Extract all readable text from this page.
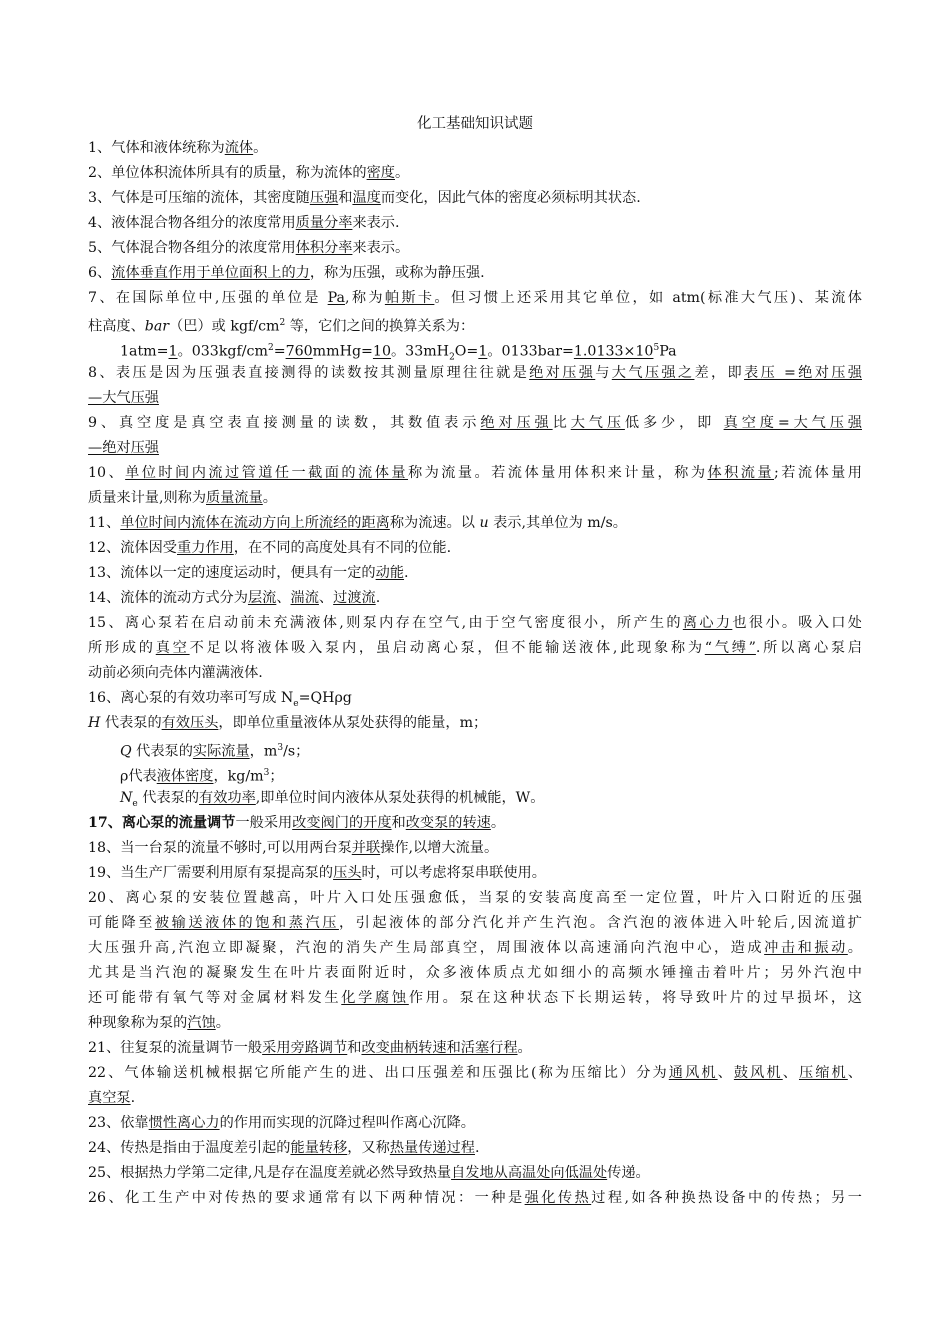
化工基础知识试题
1、气体和液体统称为流体。
2、单位体积流体所具有的质量，称为流体的密度。
3、气体是可压缩的流体，其密度随压强和温度而变化，因此气体的密度必须标明其状态.
4、液体混合物各组分的浓度常用质量分率来表示.
5、气体混合物各组分的浓度常用体积分率来表示。
6、流体垂直作用于单位面积上的力，称为压强，或称为静压强.
7、在国际单位中,压强的单位是 Pa,称为帕斯卡。但习惯上还采用其它单位，如 atm(标准大气压)、某流体
柱高度、bar（巴）或 kgf/$cm^2$ 等，它们之间的换算关系为：
1atm=1。$033kgf/cm^2=760mmHg=10$。$33mH_2O=1$。$0133bar=1.0133\times 10^5Pa$
8、表压是因为压强表直接测得的读数按其测量原理往往就是绝对压强与大气压强之差，即表压 =绝对压强
—大气压强
9、真空度是真空表直接测量的读数，其数值表示绝对压强比大气压低多少，即 真空度=大气压强
—绝对压强
10、单位时间内流过管道任一截面的流体量称为流量。若流体量用体积来计量，称为体积流量;若流体量用
质量来计量,则称为质量流量。
11、单位时间内流体在流动方向上所流经的距离称为流速。以 u 表示,其单位为 m/s。
12、流体因受重力作用，在不同的高度处具有不同的位能.
13、流体以一定的速度运动时，便具有一定的动能.
14、流体的流动方式分为层流、湍流、过渡流.
15、离心泵若在启动前未充满液体,则泵内存在空气,由于空气密度很小，所产生的离心力也很小。吸入口处
所形成的真空不足以将液体吸入泵内，虽启动离心泵，但不能输送液体,此现象称为“气缚”.所以离心泵启
动前必须向壳体内灌满液体.
16、离心泵的有效功率可写成 $N_e=QH\rho g$
H 代表泵的有效压头，即单位重量液体从泵处获得的能量，m；
Q 代表泵的实际流量，$m^3/s$；
ρ代表液体密度，$kg/m^3$；
$N_e$ 代表泵的有效功率,即单位时间内液体从泵处获得的机械能，W。
17、离心泵的流量调节一般采用改变阀门的开度和改变泵的转速。
18、当一台泵的流量不够时,可以用两台泵并联操作,以增大流量。
19、当生产厂需要利用原有泵提高泵的压头时，可以考虑将泵串联使用。
20、离心泵的安装位置越高，叶片入口处压强愈低，当泵的安装高度高至一定位置，叶片入口附近的压强
可能降至被输送液体的饱和蒸汽压，引起液体的部分汽化并产生汽泡。含汽泡的液体进入叶轮后,因流道扩
大压强升高,汽泡立即凝聚，汽泡的消失产生局部真空，周围液体以高速涌向汽泡中心，造成冲击和振动。
尤其是当汽泡的凝聚发生在叶片表面附近时，众多液体质点尤如细小的高频水锤撞击着叶片；另外汽泡中
还可能带有氧气等对金属材料发生化学腐蚀作用。泵在这种状态下长期运转，将导致叶片的过早损坏，这
种现象称为泵的汽蚀。
21、往复泵的流量调节一般采用旁路调节和改变曲柄转速和活塞行程。
22、气体输送机械根据它所能产生的进、出口压强差和压强比(称为压缩比）分为通风机、鼓风机、压缩机、
真空泵.
23、依靠惯性离心力的作用而实现的沉降过程叫作离心沉降。
24、传热是指由于温度差引起的能量转移，又称热量传递过程.
25、根据热力学第二定律,凡是存在温度差就必然导致热量自发地从高温处向低温处传递。
26、化工生产中对传热的要求通常有以下两种情况：一种是强化传热过程,如各种换热设备中的传热；另一
